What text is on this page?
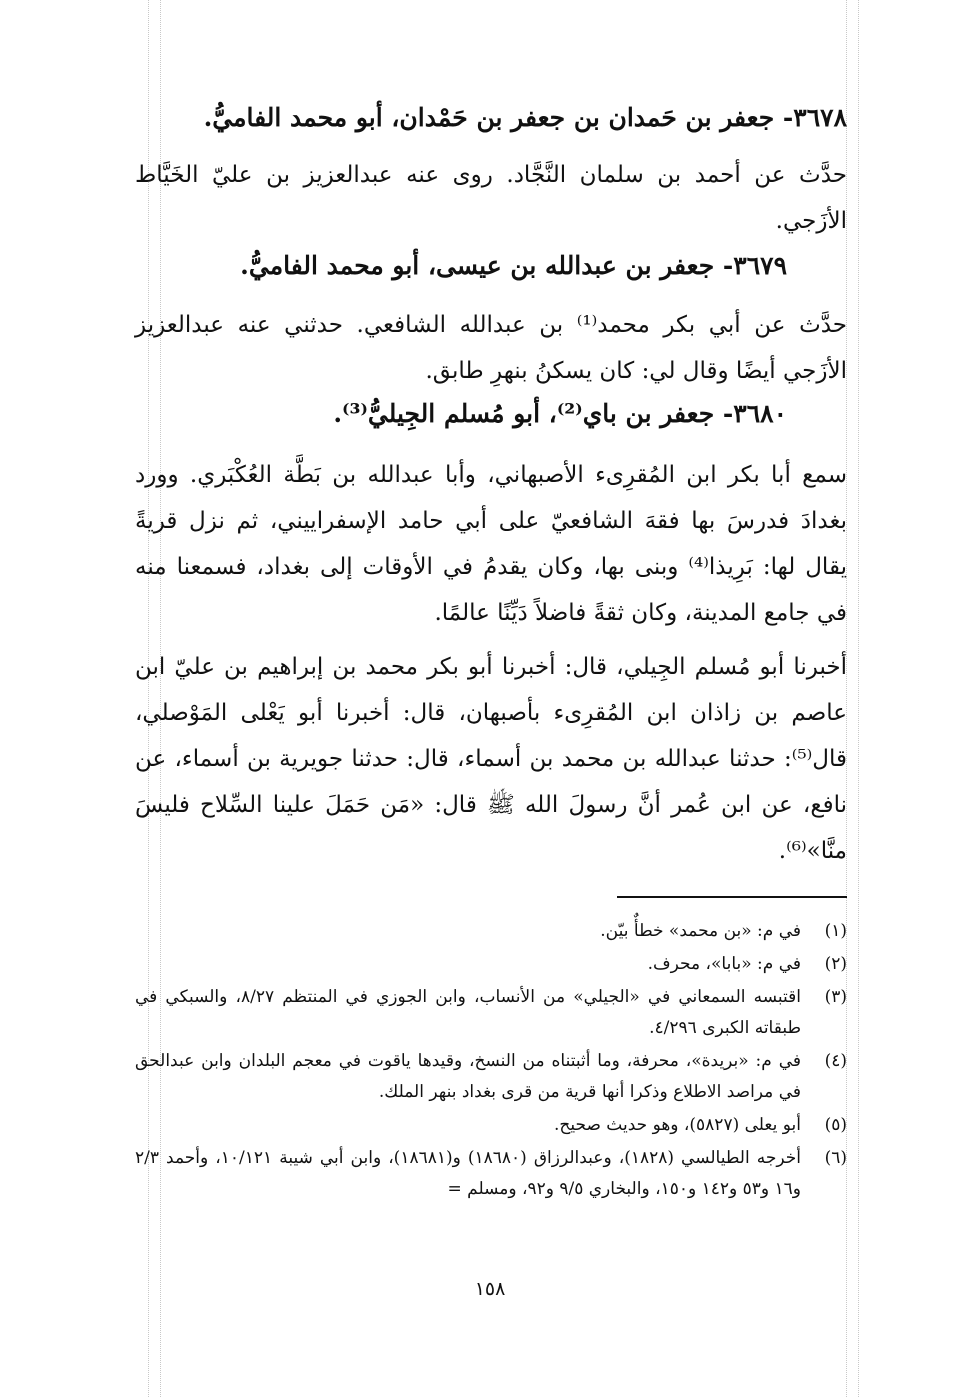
٣٦٧٨- جعفر بن حَمدان بن جعفر بن حَمْدان، أبو محمد الفاميُّ.

حدَّث عن أحمد بن سلمان النَّجَّاد. روى عنه عبدالعزيز بن عليّ الخَيَّاط الأزَجي.

٣٦٧٩- جعفر بن عبدالله بن عيسى، أبو محمد الفاميُّ.

حدَّث عن أبي بكر محمد⁽¹⁾ بن عبدالله الشافعي. حدثني عنه عبدالعزيز الأزَجي أيضًا وقال لي: كان يسكنُ بنهرِ طابق.

٣٦٨٠- جعفر بن باي⁽²⁾، أبو مُسلم الجِيليُّ⁽³⁾.

سمع أبا بكر ابن المُقرِىء الأصبهاني، وأبا عبدالله بن بَطَّة العُكْبَري. وورد بغدادَ فدرسَ بها فقهَ الشافعيّ على أبي حامد الإسفراييني، ثم نزل قريةً يقال لها: بَرِيذا⁽⁴⁾ وبنى بها، وكان يقدمُ في الأوقات إلى بغداد، فسمعنا منه في جامع المدينة، وكان ثقةً فاضلاً دَيِّنًا عالمًا.

أخبرنا أبو مُسلم الجِيلي، قال: أخبرنا أبو بكر محمد بن إبراهيم بن عليّ ابن عاصم بن زاذان ابن المُقرِىء بأصبهان، قال: أخبرنا أبو يَعْلى المَوْصلي، قال⁽⁵⁾: حدثنا عبدالله بن محمد بن أسماء، قال: حدثنا جويرية بن أسماء، عن نافع، عن ابن عُمر أنَّ رسولَ الله ﷺ قال: «مَن حَمَلَ علينا السِّلاح فليسَ منَّا»⁽⁶⁾.

(١)
في م: «بن محمد» خطأٌ بيّن.
(٢)
في م: «بابا»، محرف.
(٣)
اقتبسه السمعاني في «الجيلي» من الأنساب، وابن الجوزي في المنتظم ٨/٢٧، والسبكي في طبقاته الكبرى ٤/٢٩٦.
(٤)
في م: «بريدة»، محرفة، وما أثبتناه من النسخ، وقيدها ياقوت في معجم البلدان وابن عبدالحق في مراصد الاطلاع وذكرا أنها قرية من قرى بغداد بنهر الملك.
(٥)
أبو يعلى (٥٨٢٧)، وهو حديث صحيح.
(٦)
أخرجه الطيالسي (١٨٢٨)، وعبدالرزاق (١٨٦٨٠) و(١٨٦٨١)، وابن أبي شيبة ١٠/١٢١، وأحمد ٢/٣ و١٦ و٥٣ و١٤٢ و١٥٠، والبخاري ٩/٥ و٩٢، ومسلم =
١٥٨
